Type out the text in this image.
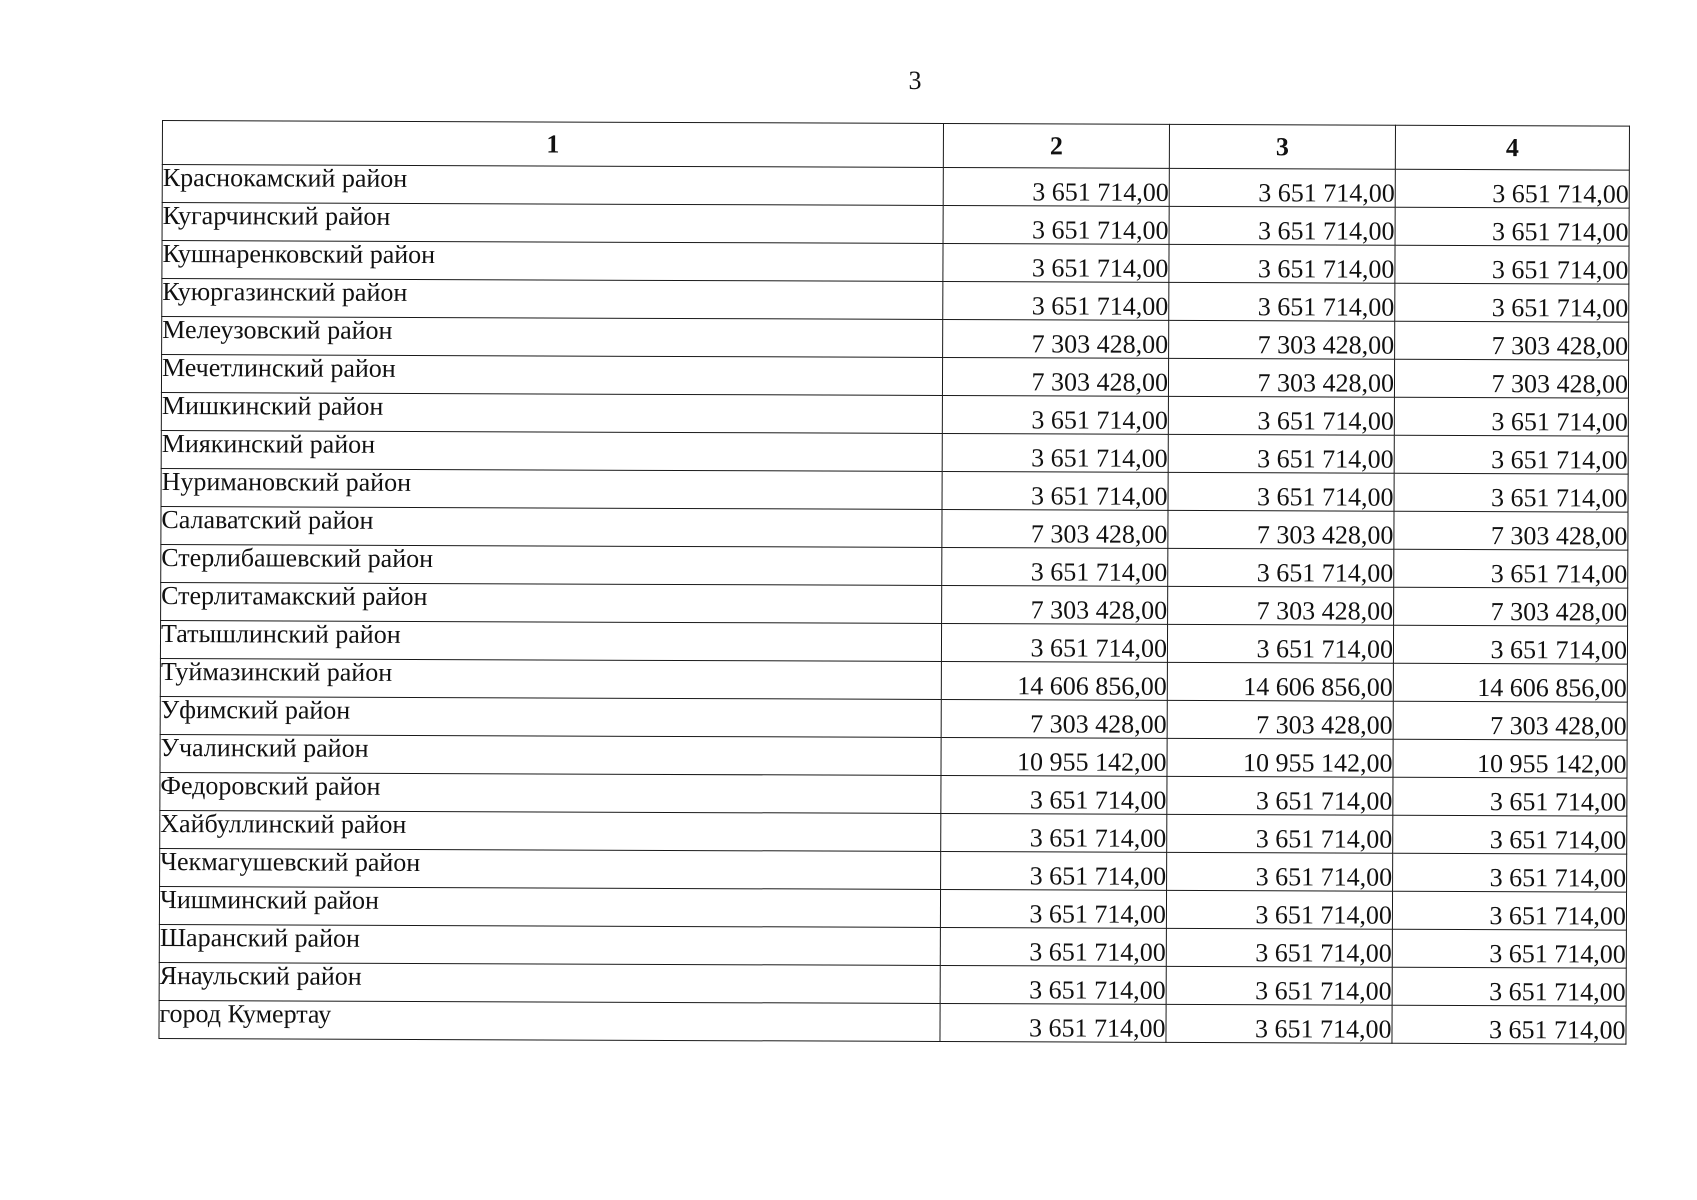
3
1	2	3	4
Краснокамский район	3 651 714,00	3 651 714,00	3 651 714,00
Кугарчинский район	3 651 714,00	3 651 714,00	3 651 714,00
Кушнаренковский район	3 651 714,00	3 651 714,00	3 651 714,00
Куюргазинский район	3 651 714,00	3 651 714,00	3 651 714,00
Мелеузовский район	7 303 428,00	7 303 428,00	7 303 428,00
Мечетлинский район	7 303 428,00	7 303 428,00	7 303 428,00
Мишкинский район	3 651 714,00	3 651 714,00	3 651 714,00
Миякинский район	3 651 714,00	3 651 714,00	3 651 714,00
Нуримановский район	3 651 714,00	3 651 714,00	3 651 714,00
Салаватский район	7 303 428,00	7 303 428,00	7 303 428,00
Стерлибашевский район	3 651 714,00	3 651 714,00	3 651 714,00
Стерлитамакский район	7 303 428,00	7 303 428,00	7 303 428,00
Татышлинский район	3 651 714,00	3 651 714,00	3 651 714,00
Туймазинский район	14 606 856,00	14 606 856,00	14 606 856,00
Уфимский район	7 303 428,00	7 303 428,00	7 303 428,00
Учалинский район	10 955 142,00	10 955 142,00	10 955 142,00
Федоровский район	3 651 714,00	3 651 714,00	3 651 714,00
Хайбуллинский район	3 651 714,00	3 651 714,00	3 651 714,00
Чекмагушевский район	3 651 714,00	3 651 714,00	3 651 714,00
Чишминский район	3 651 714,00	3 651 714,00	3 651 714,00
Шаранский район	3 651 714,00	3 651 714,00	3 651 714,00
Янаульский район	3 651 714,00	3 651 714,00	3 651 714,00
город Кумертау	3 651 714,00	3 651 714,00	3 651 714,00
